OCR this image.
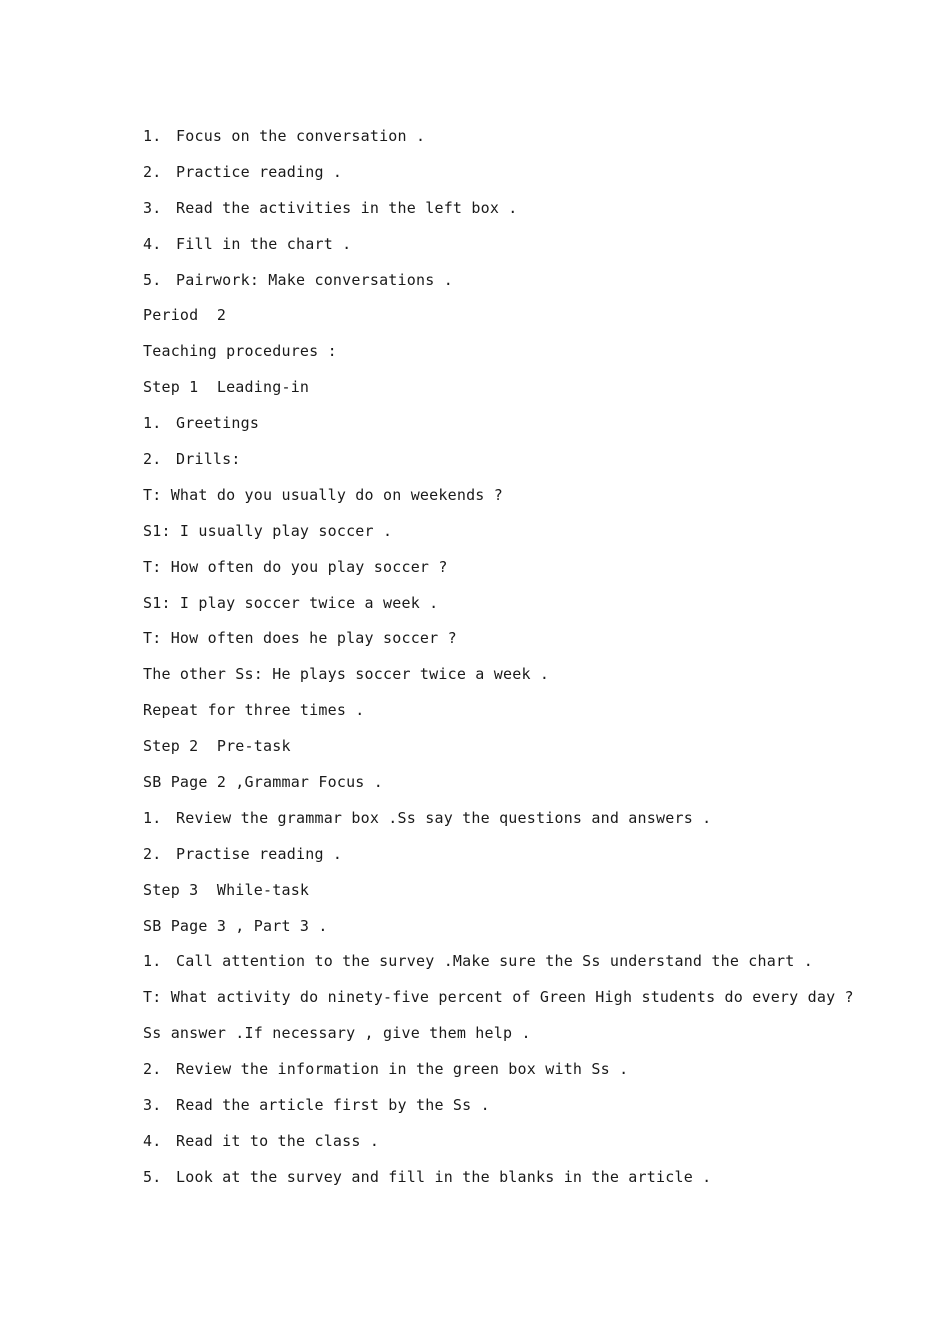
1. Focus on the conversation .
2. Practice reading .
3. Read the activities in the left box .
4. Fill in the chart .
5. Pairwork: Make conversations .
Period  2
Teaching procedures :
Step 1  Leading-in
1. Greetings
2. Drills:
T: What do you usually do on weekends ?
S1: I usually play soccer .
T: How often do you play soccer ?
S1: I play soccer twice a week .
T: How often does he play soccer ?
The other Ss: He plays soccer twice a week .
Repeat for three times .
Step 2  Pre-task
SB Page 2 ,Grammar Focus .
1. Review the grammar box .Ss say the questions and answers .
2. Practise reading .
Step 3  While-task
SB Page 3 , Part 3 .
1. Call attention to the survey .Make sure the Ss understand the chart .
T: What activity do ninety-five percent of Green High students do every day ?
Ss answer .If necessary , give them help .
2. Review the information in the green box with Ss .
3. Read the article first by the Ss .
4. Read it to the class .
5. Look at the survey and fill in the blanks in the article .
